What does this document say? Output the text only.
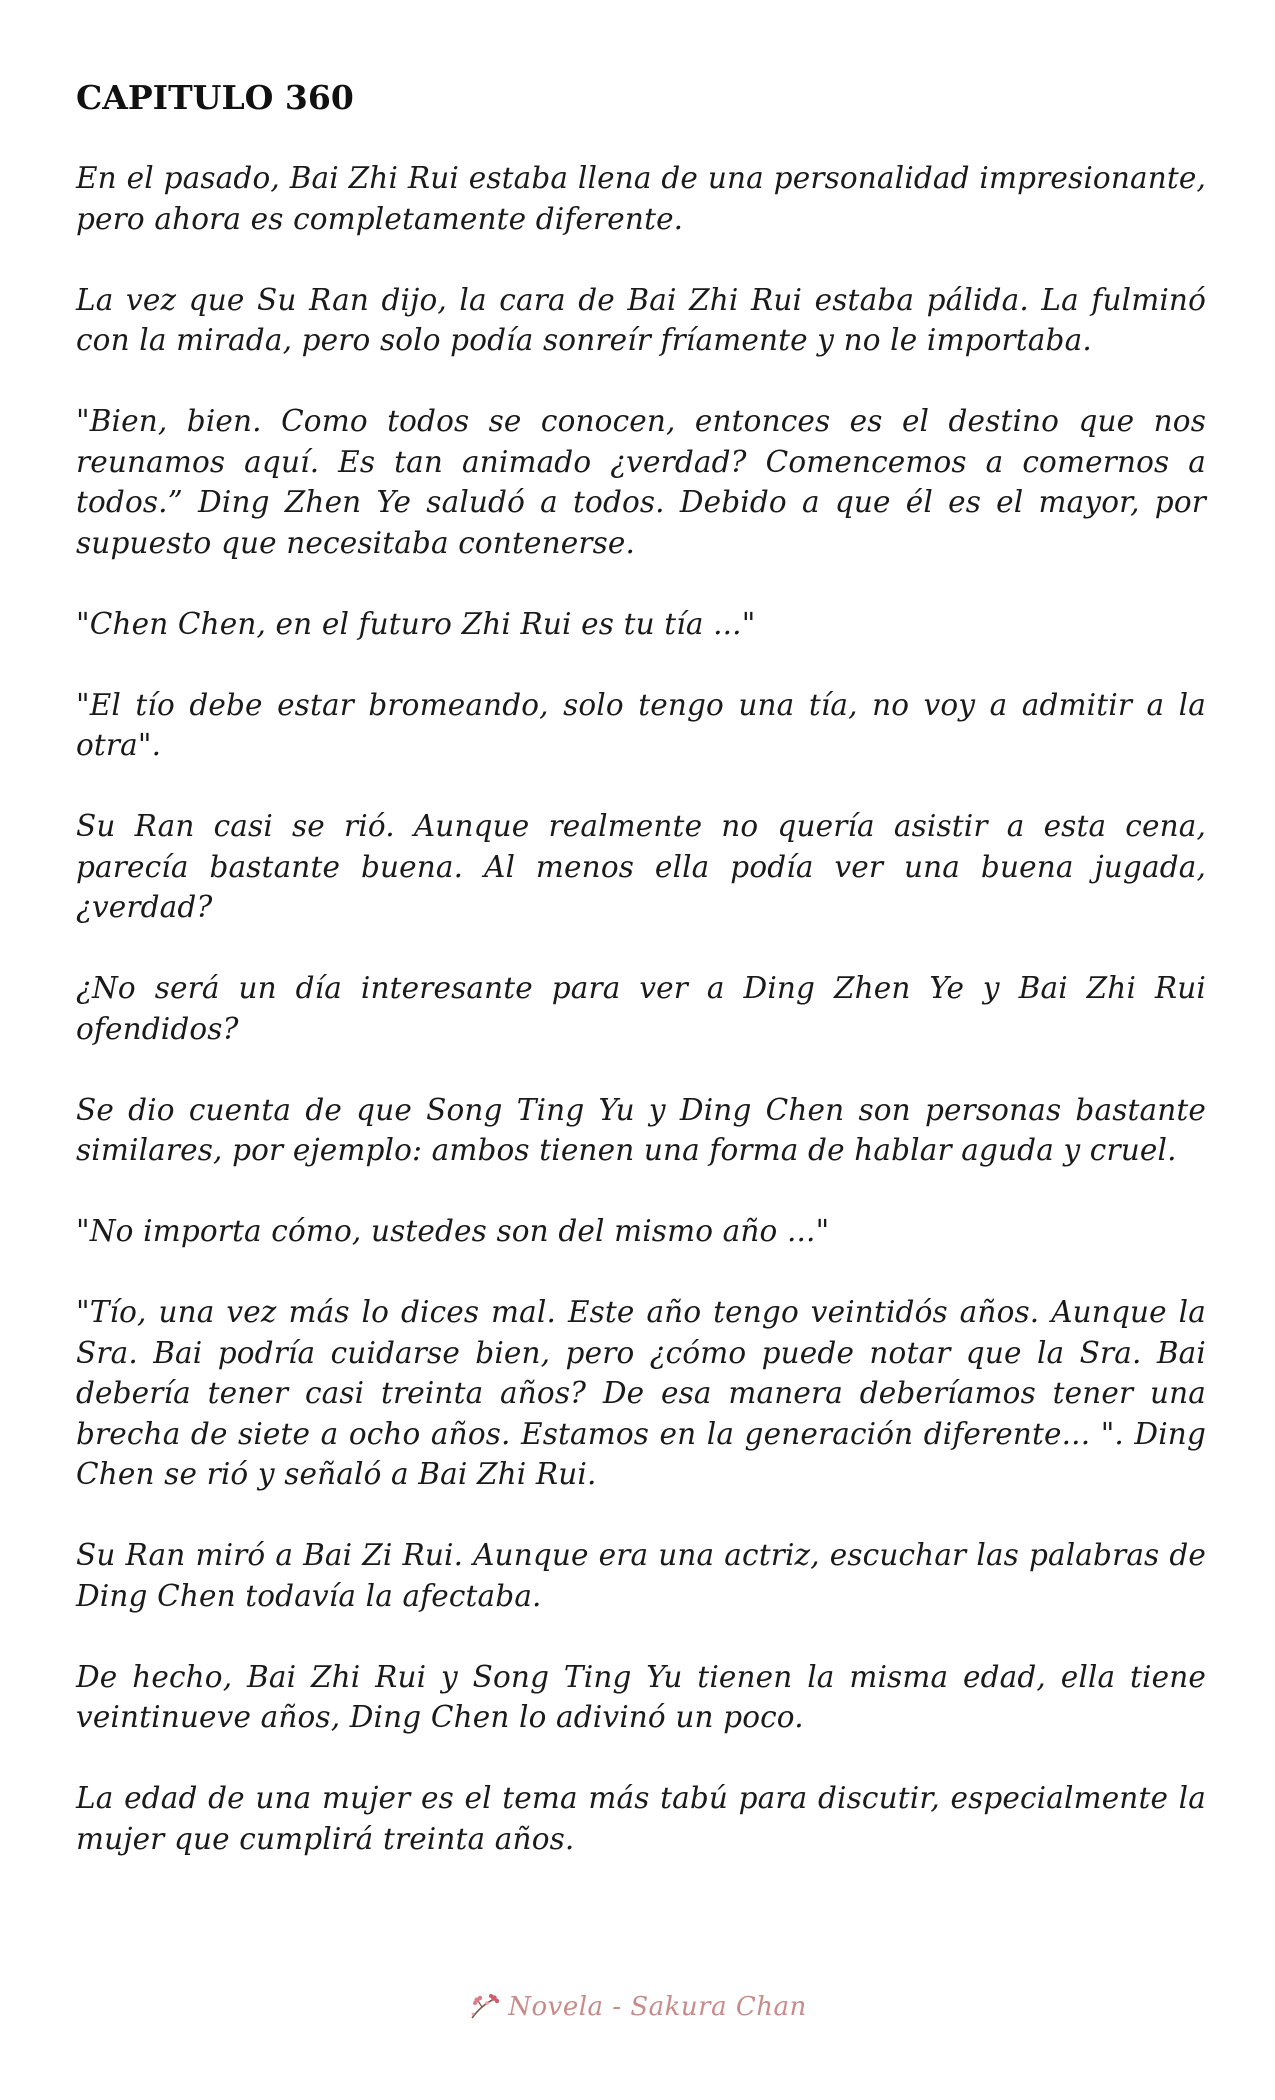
CAPITULO 360

En el pasado, Bai Zhi Rui estaba llena de una personalidad impresionante, pero ahora es completamente diferente.

La vez que Su Ran dijo, la cara de Bai Zhi Rui estaba pálida. La fulminó con la mirada, pero solo podía sonreír fríamente y no le importaba.

"Bien, bien. Como todos se conocen, entonces es el destino que nos reunamos aquí. Es tan animado ¿verdad? Comencemos a comernos a todos.” Ding Zhen Ye saludó a todos. Debido a que él es el mayor, por supuesto que necesitaba contenerse.

"Chen Chen, en el futuro Zhi Rui es tu tía ..."

"El tío debe estar bromeando, solo tengo una tía, no voy a admitir a la otra".

Su Ran casi se rió. Aunque realmente no quería asistir a esta cena, parecía bastante buena. Al menos ella podía ver una buena jugada, ¿verdad?

¿No será un día interesante para ver a Ding Zhen Ye y Bai Zhi Rui ofendidos?

Se dio cuenta de que Song Ting Yu y Ding Chen son personas bastante similares, por ejemplo: ambos tienen una forma de hablar aguda y cruel.

"No importa cómo, ustedes son del mismo año ..."

"Tío, una vez más lo dices mal. Este año tengo veintidós años. Aunque la Sra. Bai podría cuidarse bien, pero ¿cómo puede notar que la Sra. Bai debería tener casi treinta años? De esa manera deberíamos tener una brecha de siete a ocho años. Estamos en la generación diferente... ". Ding Chen se rió y señaló a Bai Zhi Rui.

Su Ran miró a Bai Zi Rui. Aunque era una actriz, escuchar las palabras de Ding Chen todavía la afectaba.

De hecho, Bai Zhi Rui y Song Ting Yu tienen la misma edad, ella tiene veintinueve años, Ding Chen lo adivinó un poco.

La edad de una mujer es el tema más tabú para discutir, especialmente la mujer que cumplirá treinta años.

Novela - Sakura Chan
